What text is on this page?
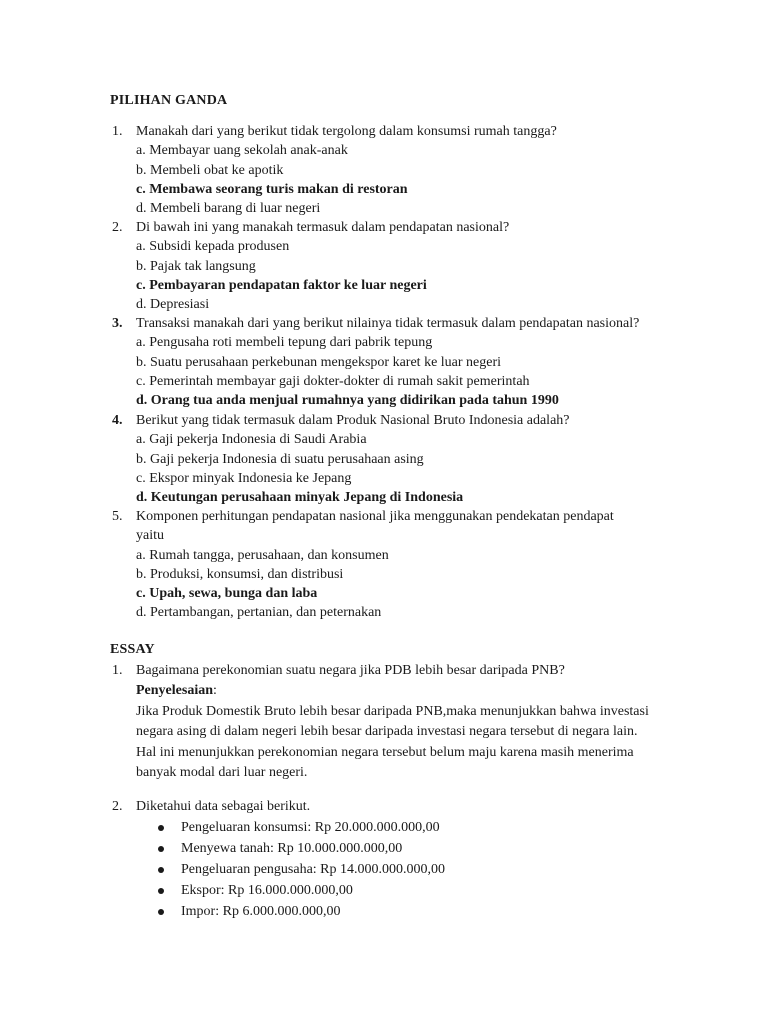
PILIHAN GANDA
1. Manakah dari yang berikut tidak tergolong dalam konsumsi rumah tangga?
a. Membayar uang sekolah anak-anak
b. Membeli obat ke apotik
c. Membawa seorang turis makan di restoran
d. Membeli barang di luar negeri
2. Di bawah ini yang manakah termasuk dalam pendapatan nasional?
a. Subsidi kepada produsen
b. Pajak tak langsung
c. Pembayaran pendapatan faktor ke luar negeri
d. Depresiasi
3. Transaksi manakah dari yang berikut nilainya tidak termasuk dalam pendapatan nasional?
a. Pengusaha roti membeli tepung dari pabrik tepung
b. Suatu perusahaan perkebunan mengekspor karet ke luar negeri
c. Pemerintah membayar gaji dokter-dokter di rumah sakit pemerintah
d. Orang tua anda menjual rumahnya yang didirikan pada tahun 1990
4. Berikut yang tidak termasuk dalam Produk Nasional Bruto Indonesia adalah?
a. Gaji pekerja Indonesia di Saudi Arabia
b. Gaji pekerja Indonesia di suatu perusahaan asing
c. Ekspor minyak Indonesia ke Jepang
d. Keutungan perusahaan minyak Jepang di Indonesia
5. Komponen perhitungan pendapatan nasional jika menggunakan pendekatan pendapat
yaitu
a. Rumah tangga, perusahaan, dan konsumen
b. Produksi, konsumsi, dan distribusi
c. Upah, sewa, bunga dan laba
d. Pertambangan, pertanian, dan peternakan
ESSAY
1. Bagaimana perekonomian suatu negara jika PDB lebih besar daripada PNB?
Penyelesaian:
Jika Produk Domestik Bruto lebih besar daripada PNB,maka menunjukkan bahwa investasi negara asing di dalam negeri lebih besar daripada investasi negara tersebut di negara lain. Hal ini menunjukkan perekonomian negara tersebut belum maju karena masih menerima banyak modal dari luar negeri.
2. Diketahui data sebagai berikut.
Pengeluaran konsumsi: Rp 20.000.000.000,00
Menyewa tanah: Rp 10.000.000.000,00
Pengeluaran pengusaha: Rp 14.000.000.000,00
Ekspor: Rp 16.000.000.000,00
Impor: Rp 6.000.000.000,00
